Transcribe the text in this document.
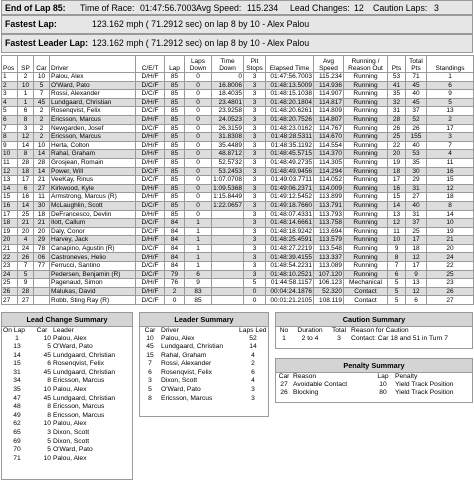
End of Lap 85: Time of Race: 01:47:56.7003 Avg Speed: 115.234 Lead Changes: 12 Caution Laps: 3
Fastest Lap:	123.162 mph ( 71.2912 sec) on lap 8 by 10 - Alex Palou
Fastest Leader Lap: 123.162 mph ( 71.2912 sec) on lap 8 by 10 - Alex Palou
Pos	SP	Car	Driver	C/E/T	Lap	Laps Down	Time Down	Pit Stops	Elapsed Time	Avg Speed	Running / Reason Out	Pts	Total Pts	Standings
1	2	10	Palou, Alex	D/H/F	85	0	0	3	01:47:56.7003	115.234	Running	53	71	1
2	10	5	O'Ward, Pato	D/C/F	85	0	16.8006	3	01:48:13.5009	114.936	Running	41	45	6
3	1	7	Rossi, Alexander	D/C/F	85	0	18.4035	3	01:48:15.1038	114.907	Running	35	40	9
4	1	45	Lundgaard, Christian	D/H/F	85	0	23.4801	3	01:48:20.1804	114.817	Running	32	45	5
5	6	2	Rosenqvist, Felix	D/C/F	85	0	23.9258	3	01:48:20.6261	114.809	Running	31	37	13
6	8	2	Ericsson, Marcus	D/H/F	85	0	24.0523	3	01:48:20.7526	114.807	Running	28	52	2
7	3	2	Newgarden, Josef	D/C/F	85	0	26.3159	3	01:48:23.0162	114.767	Running	26	26	17
8	12	2	Ericsson, Marcus	D/H/F	85	0	31.8308	3	01:48:28.5311	114.670	Running	25	155	3
9	14	10	Herta, Colton	D/H/F	85	0	35.4489	3	01:48:35.1192	114.554	Running	22	40	7
10	8	14	Rahal, Graham	D/H/F	85	0	48.8712	3	01:48:45.5715	114.370	Running	20	53	4
11	28	28	Grosjean, Romain	D/H/F	85	0	52.5732	3	01:48:49.2735	114.305	Running	19	35	11
12	18	14	Power, Will	D/C/F	85	0	53.2453	3	01:48:49.9456	114.294	Running	18	30	16
13	17	21	VeeKay, Rinus	D/C/F	85	0	1:07.0708	3	01:49:03.7711	114.052	Running	17	29	15
14	6	27	Kirkwood, Kyle	D/H/F	85	0	1:09.5368	3	01:49:06.2371	114.009	Running	16	31	12
15	16	11	Armstrong, Marcus (R)	D/H/F	85	0	1:15.8449	3	01:49:12.5452	113.899	Running	15	27	18
16	14	30	McLaughlin, Scott	D/C/F	85	0	1:22.0657	3	01:49:18.7660	113.791	Running	14	40	8
17	25	18	DeFrancesco, Devlin	D/H/F	85	0		3	01:48:07.4331	113.793	Running	13	31	14
18	21	21	Ilott, Callum	D/C/F	84	1		3	01:48:14.6661	113.758	Running	12	37	10
19	20	20	Daly, Conor	D/C/F	84	1		3	01:48:18.9242	113.694	Running	11	25	19
20	4	29	Harvey, Jack	D/H/F	84	1		3	01:48:25.4591	113.579	Running	10	17	21
21	24	78	Canapino, Agustin (R)	D/C/F	84	1		3	01:48:27.2219	113.548	Running	9	18	20
22	26	06	Castroneves, Helio	D/H/F	84	1		3	01:48:39.4155	113.337	Running	8	12	24
23	7	77	Ferrucci, Santino	D/C/F	84	1		3	01:48:54.2231	113.089	Running	7	17	22
24	5		Pedersen, Benjamin (R)	D/C/F	79	6		3	01:48:10.2521	107.120	Running	6	9	25
25	9		Pagenaud, Simon	D/H/F	76	9		5	01:44:58.1157	106.123	Mechanical	5	13	23
26	28		Malukas, David	D/H/F	2	83		0	00:04:24.1876	52.320	Contact	5	12	26
27	27		Robb, Sting Ray (R)	D/C/F	0	85		0	00:01:21.2105	108.119	Contact	5	6	27
Lead Change Summary
On Lap	Car	Leader
1	10	Palou, Alex
13	5	O'Ward, Pato
14	45	Lundgaard, Christian
15	6	Rosenqvist, Felix
31	45	Lundgaard, Christian
34	8	Ericsson, Marcus
35	10	Palou, Alex
47	45	Lundgaard, Christian
48	8	Ericsson, Marcus
49	8	Ericsson, Marcus
62	10	Palou, Alex
65	3	Dixon, Scott
69	5	Dixon, Scott
70	5	O'Ward, Pato
71	10	Palou, Alex
Leader Summary
Car	Driver	Laps Led
10	Palou, Alex	52
45	Lundgaard, Christian	14
15	Rahal, Graham	4
7	Rossi, Alexander	2
6	Rosenqvist, Felix	6
3	Dixon, Scott	4
5	O'Ward, Pato	3
8	Ericsson, Marcus	3
Caution Summary
No	Duration	Total	Reason for Caution
1	2 to 4	3	Contact: Car 18 and 51 in Turn 7
Penalty Summary
Car	Reason	Lap	Penalty
27	Avoidable Contact	10	Yield Track Position
26	Blocking	80	Yield Track Position
